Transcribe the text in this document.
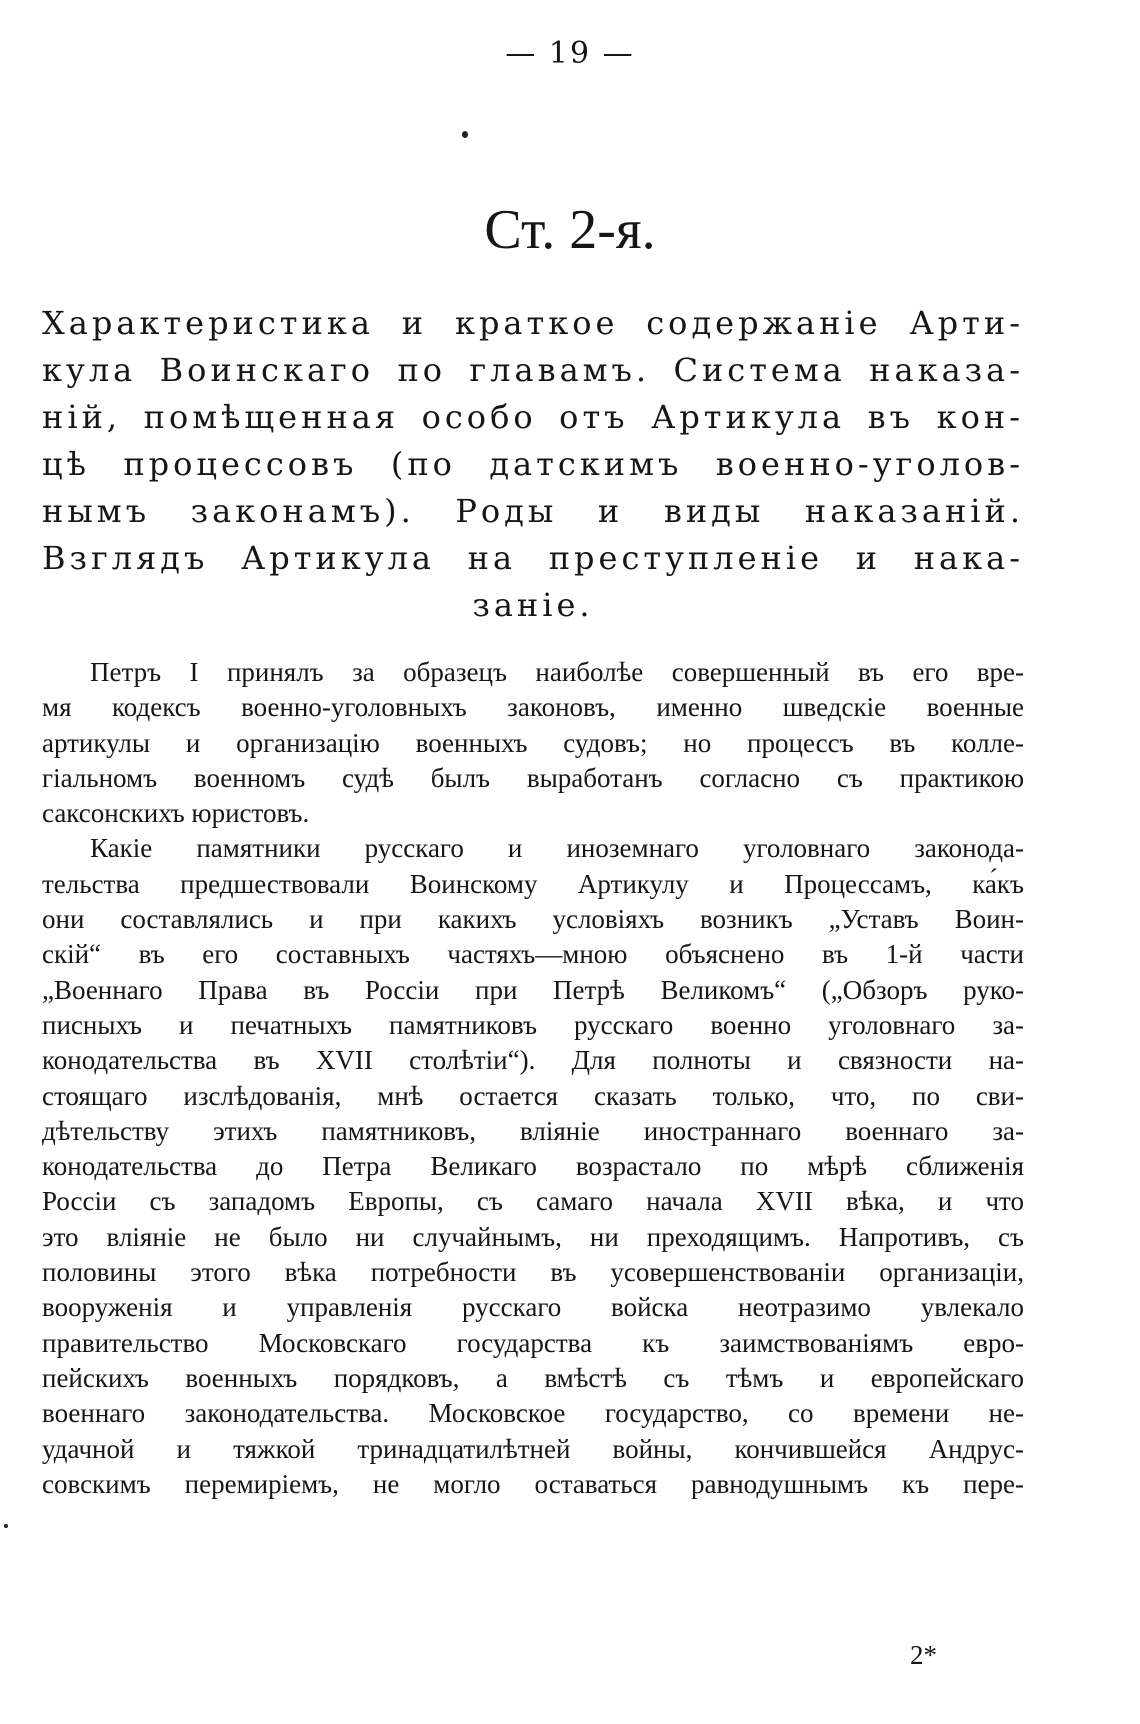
— 19 —
Ст. 2-я.
Характеристика и краткое содержаніе Арти-
кула Воинскаго по главамъ. Система наказа-
ній, помѣщенная особо отъ Артикула въ кон-
цѣ процессовъ (по датскимъ военно-уголов-
нымъ законамъ). Роды и виды наказаній.
Взглядъ Артикула на преступленіе и нака-
заніе.
Петръ I принялъ за образецъ наиболѣе совершенный въ его вре-
мя кодексъ военно-уголовныхъ законовъ, именно шведскіе военные
артикулы и организацію военныхъ судовъ; но процессъ въ колле-
гіальномъ военномъ судѣ былъ выработанъ согласно съ практикою
саксонскихъ юристовъ.
Какіе памятники русскаго и иноземнаго уголовнаго законода-
тельства предшествовали Воинскому Артикулу и Процессамъ, ка́къ
они составлялись и при какихъ условіяхъ возникъ „Уставъ Воин-
скій“ въ его составныхъ частяхъ—мною объяснено въ 1-й части
„Военнаго Права въ Россіи при Петрѣ Великомъ“ („Обзоръ руко-
писныхъ и печатныхъ памятниковъ русскаго военно уголовнаго за-
конодательства въ XVII столѣтіи“). Для полноты и связности на-
стоящаго изслѣдованія, мнѣ остается сказать только, что, по сви-
дѣтельству этихъ памятниковъ, вліяніе иностраннаго военнаго за-
конодательства до Петра Великаго возрастало по мѣрѣ сближенія
Россіи съ западомъ Европы, съ самаго начала XVII вѣка, и что
это вліяніе не было ни случайнымъ, ни преходящимъ. Напротивъ, съ
половины этого вѣка потребности въ усовершенствованіи организаціи,
вооруженія и управленія русскаго войска неотразимо увлекало
правительство Московскаго государства къ заимствованіямъ евро-
пейскихъ военныхъ порядковъ, а вмѣстѣ съ тѣмъ и европейскаго
военнаго законодательства. Московское государство, со времени не-
удачной и тяжкой тринадцатилѣтней войны, кончившейся Андрус-
совскимъ перемиріемъ, не могло оставаться равнодушнымъ къ пере-
2*
